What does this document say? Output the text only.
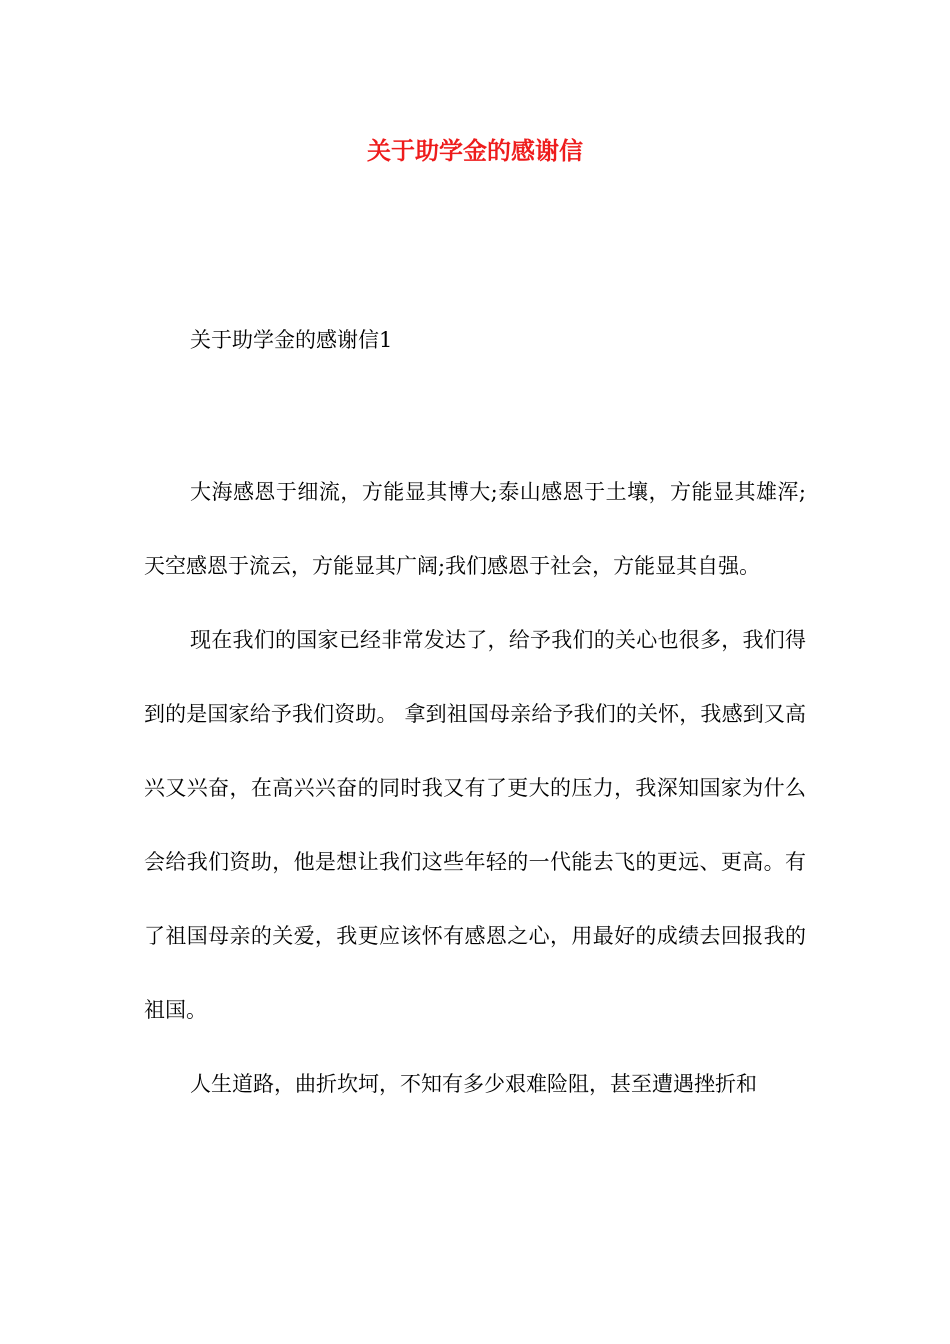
关于助学金的感谢信
关于助学金的感谢信1

大海感恩于细流，方能显其博大;泰山感恩于土壤，方能显其雄浑;天空感恩于流云，方能显其广阔;我们感恩于社会，方能显其自强。

现在我们的国家已经非常发达了，给予我们的关心也很多，我们得到的是国家给予我们资助。 拿到祖国母亲给予我们的关怀，我感到又高兴又兴奋，在高兴兴奋的同时我又有了更大的压力，我深知国家为什么会给我们资助，他是想让我们这些年轻的一代能去飞的更远、更高。有了祖国母亲的关爱，我更应该怀有感恩之心，用最好的成绩去回报我的祖国。

人生道路，曲折坎坷，不知有多少艰难险阻，甚至遭遇挫折和
